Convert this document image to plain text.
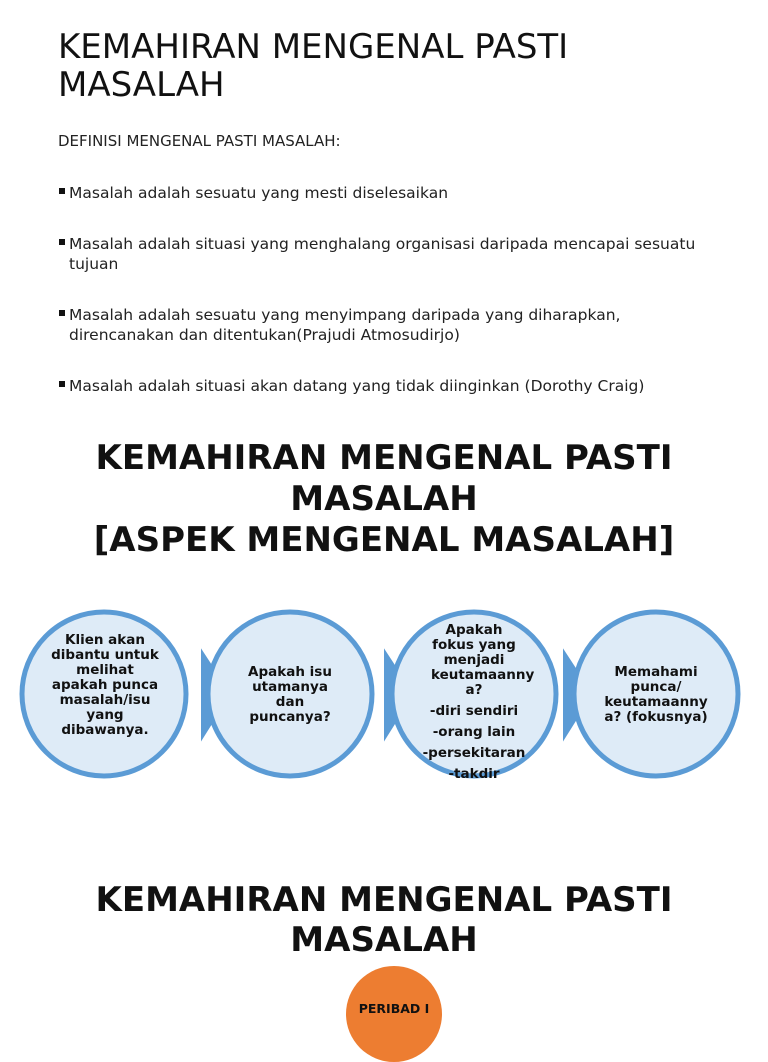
KEMAHIRAN MENGENAL PASTI
MASALAH

DEFINISI MENGENAL PASTI MASALAH:

Masalah adalah sesuatu yang mesti diselesaikan
Masalah adalah situasi yang menghalang organisasi daripada mencapai sesuatu tujuan
Masalah adalah sesuatu yang menyimpang daripada yang diharapkan, direncanakan dan ditentukan(Prajudi Atmosudirjo)
Masalah adalah situasi akan datang yang tidak diinginkan (Dorothy Craig)
KEMAHIRAN MENGENAL PASTI
MASALAH
[ASPEK MENGENAL MASALAH]
Klien akan dibantu untuk melihat apakah punca masalah/isu yang dibawanya.
Apakah isu utamanya dan puncanya?
Apakah fokus yang menjadi keutamaanny a?
-diri sendiri
-orang lain
-persekitaran
-takdir
Memahami punca/ keutamaanny a? (fokusnya)
KEMAHIRAN MENGENAL PASTI
MASALAH
PERIBAD I
